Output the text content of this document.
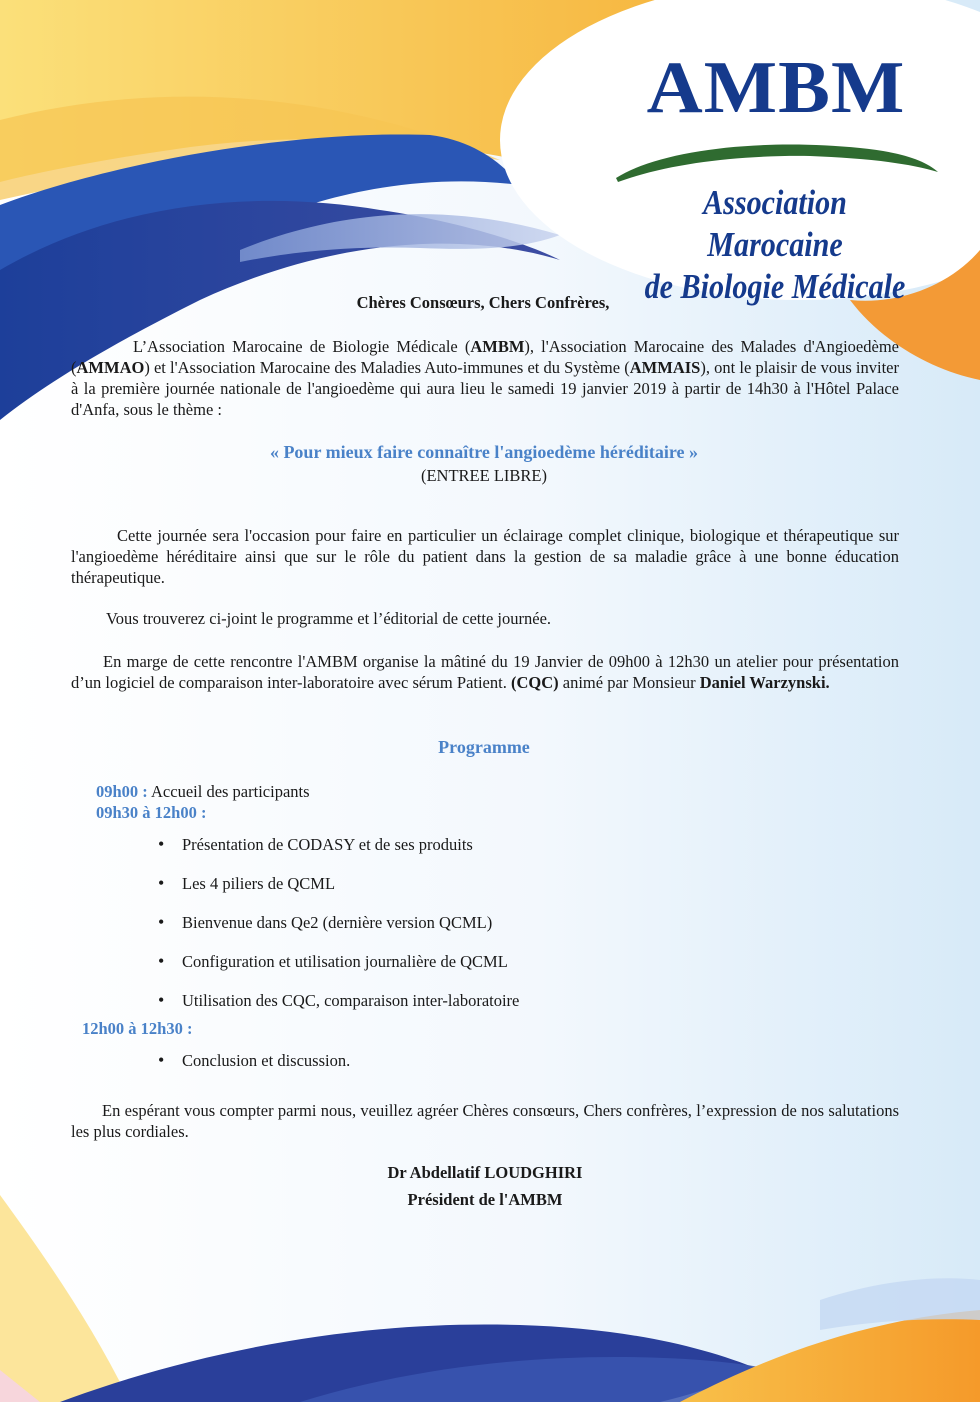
AMBM
Association Marocaine
de Biologie Médicale
Chères Consœurs, Chers Confrères,
L’Association Marocaine de Biologie Médicale (AMBM), l'Association Marocaine des Malades d'Angioedème (AMMAO) et l'Association Marocaine des Maladies Auto-immunes et du Système (AMMAIS), ont le plaisir de vous inviter à la première journée nationale de l'angioedème qui aura lieu le samedi 19 janvier 2019 à partir de 14h30 à l'Hôtel Palace d'Anfa, sous le thème :
« Pour mieux faire connaître l'angioedème héréditaire »
(ENTREE LIBRE)
Cette journée sera l'occasion pour faire en particulier un éclairage complet clinique, biologique et thérapeutique sur l'angioedème héréditaire ainsi que sur le rôle du patient dans la gestion de sa maladie grâce à une bonne éducation thérapeutique.
Vous trouverez ci-joint le programme et l’éditorial de cette journée.
En marge de cette rencontre l'AMBM organise la mâtiné du 19 Janvier de 09h00 à 12h30 un atelier pour présentation d’un logiciel de comparaison inter-laboratoire avec sérum Patient. (CQC) animé par Monsieur Daniel Warzynski.
Programme
09h00 : Accueil des participants
09h30 à 12h00 :
• Présentation de CODASY et de ses produits
• Les 4 piliers de QCML
• Bienvenue dans Qe2 (dernière version QCML)
• Configuration et utilisation journalière de QCML
• Utilisation des CQC, comparaison inter-laboratoire
12h00 à 12h30 :
• Conclusion et discussion.
En espérant vous compter parmi nous, veuillez agréer Chères consœurs, Chers confrères, l’expression de nos salutations les plus cordiales.
Dr Abdellatif LOUDGHIRI
Président de l'AMBM
